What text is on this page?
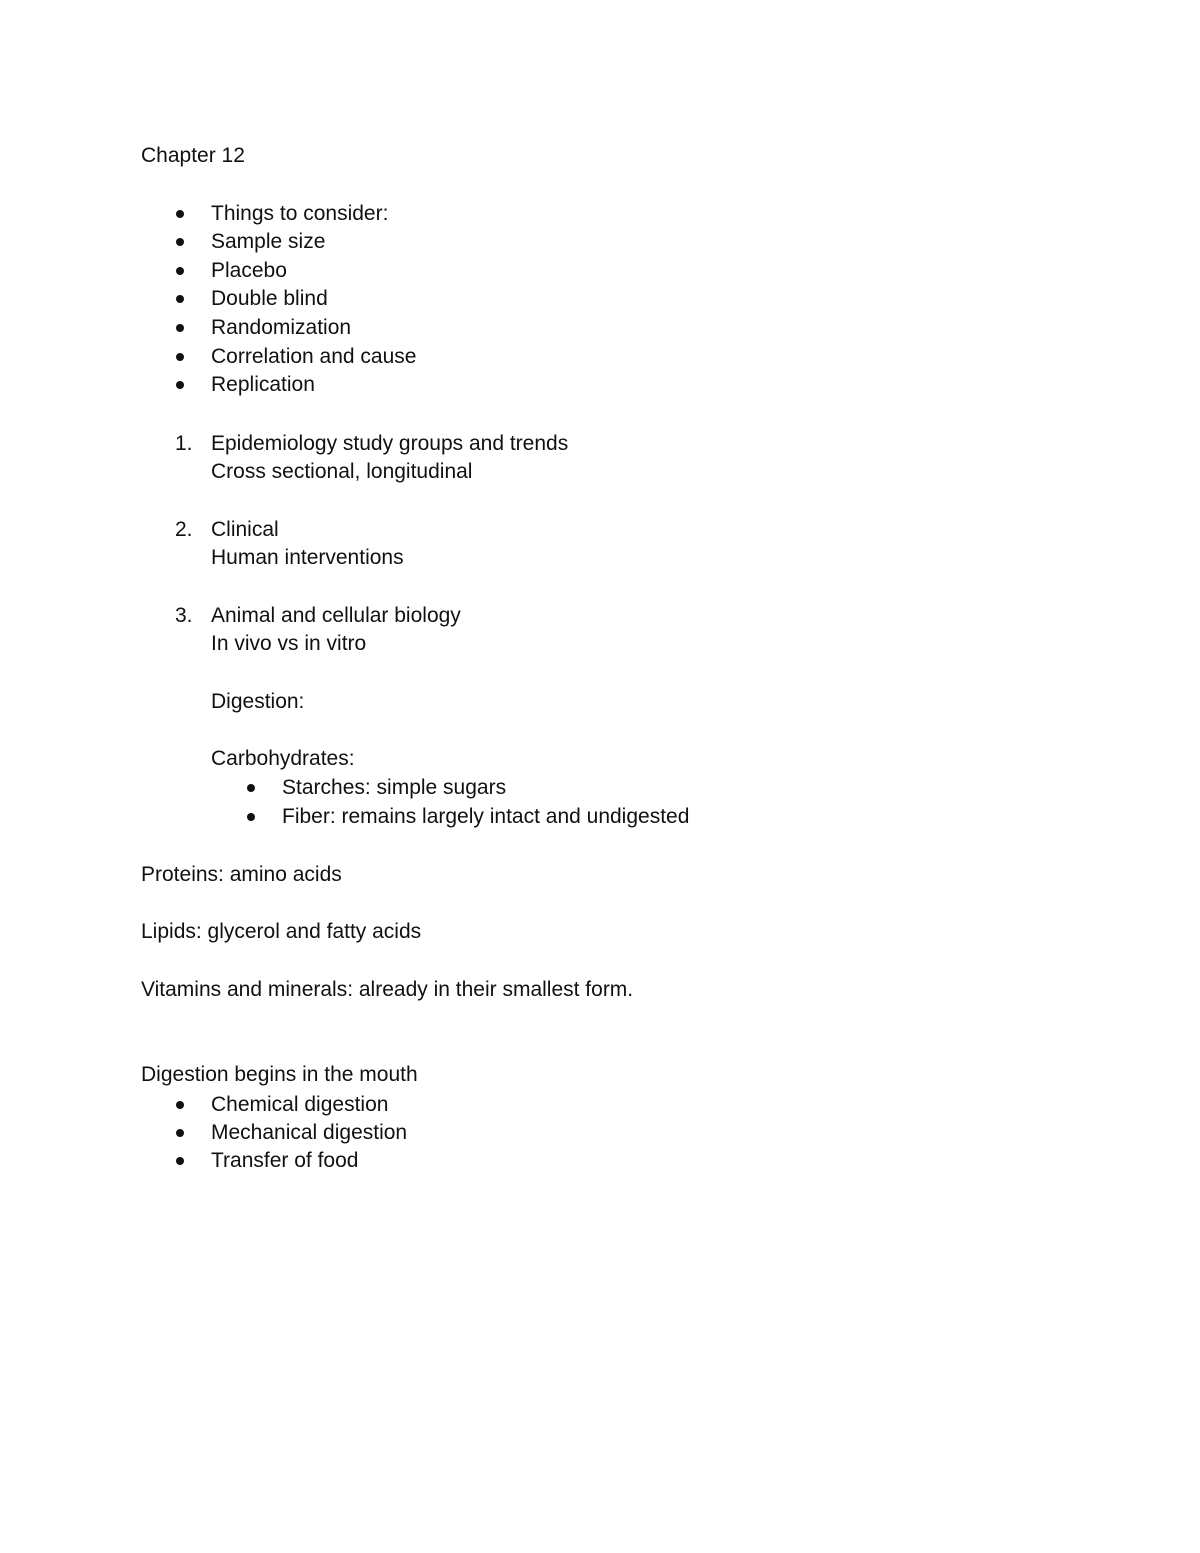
Chapter 12
Things to consider:
Sample size
Placebo
Double blind
Randomization
Correlation and cause
Replication
1. Epidemiology study groups and trends
Cross sectional, longitudinal
2. Clinical
Human interventions
3. Animal and cellular biology
In vivo vs in vitro
Digestion:
Carbohydrates:
Starches: simple sugars
Fiber: remains largely intact and undigested
Proteins: amino acids
Lipids: glycerol and fatty acids
Vitamins and minerals: already in their smallest form.
Digestion begins in the mouth
Chemical digestion
Mechanical digestion
Transfer of food
